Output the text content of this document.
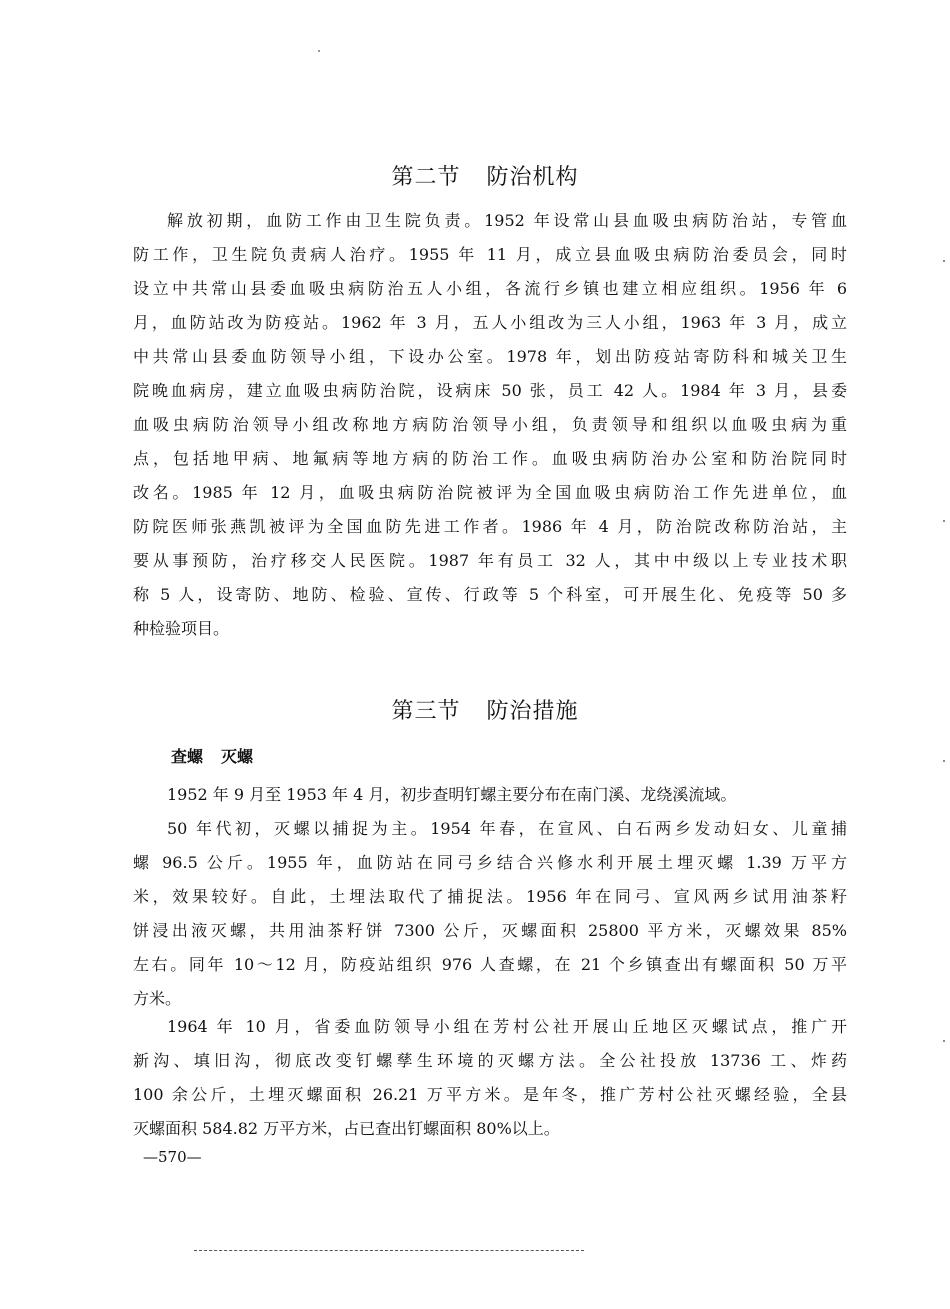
第二节 防治机构
解放初期，血防工作由卫生院负责。1952 年设常山县血吸虫病防治站，专管血
防工作，卫生院负责病人治疗。1955 年 11 月，成立县血吸虫病防治委员会，同时
设立中共常山县委血吸虫病防治五人小组，各流行乡镇也建立相应组织。1956 年 6
月，血防站改为防疫站。1962 年 3 月，五人小组改为三人小组，1963 年 3 月，成立
中共常山县委血防领导小组，下设办公室。1978 年，划出防疫站寄防科和城关卫生
院晚血病房，建立血吸虫病防治院，设病床 50 张，员工 42 人。1984 年 3 月，县委
血吸虫病防治领导小组改称地方病防治领导小组，负责领导和组织以血吸虫病为重
点，包括地甲病、地氟病等地方病的防治工作。血吸虫病防治办公室和防治院同时
改名。1985 年 12 月，血吸虫病防治院被评为全国血吸虫病防治工作先进单位，血
防院医师张燕凯被评为全国血防先进工作者。1986 年 4 月，防治院改称防治站，主
要从事预防，治疗移交人民医院。1987 年有员工 32 人，其中中级以上专业技术职
称 5 人，设寄防、地防、检验、宣传、行政等 5 个科室，可开展生化、免疫等 50 多
种检验项目。
第三节 防治措施
查螺 灭螺
1952 年 9 月至 1953 年 4 月，初步查明钉螺主要分布在南门溪、龙绕溪流域。
50 年代初，灭螺以捕捉为主。1954 年春，在宣风、白石两乡发动妇女、儿童捕
螺 96.5 公斤。1955 年，血防站在同弓乡结合兴修水利开展土埋灭螺 1.39 万平方
米，效果较好。自此，土埋法取代了捕捉法。1956 年在同弓、宣风两乡试用油茶籽
饼浸出液灭螺，共用油茶籽饼 7300 公斤，灭螺面积 25800 平方米，灭螺效果 85%
左右。同年 10～12 月，防疫站组织 976 人查螺，在 21 个乡镇查出有螺面积 50 万平
方米。
1964 年 10 月，省委血防领导小组在芳村公社开展山丘地区灭螺试点，推广开
新沟、填旧沟，彻底改变钉螺孳生环境的灭螺方法。全公社投放 13736 工、炸药
100 余公斤，土埋灭螺面积 26.21 万平方米。是年冬，推广芳村公社灭螺经验，全县
灭螺面积 584.82 万平方米，占已查出钉螺面积 80%以上。
—570—
